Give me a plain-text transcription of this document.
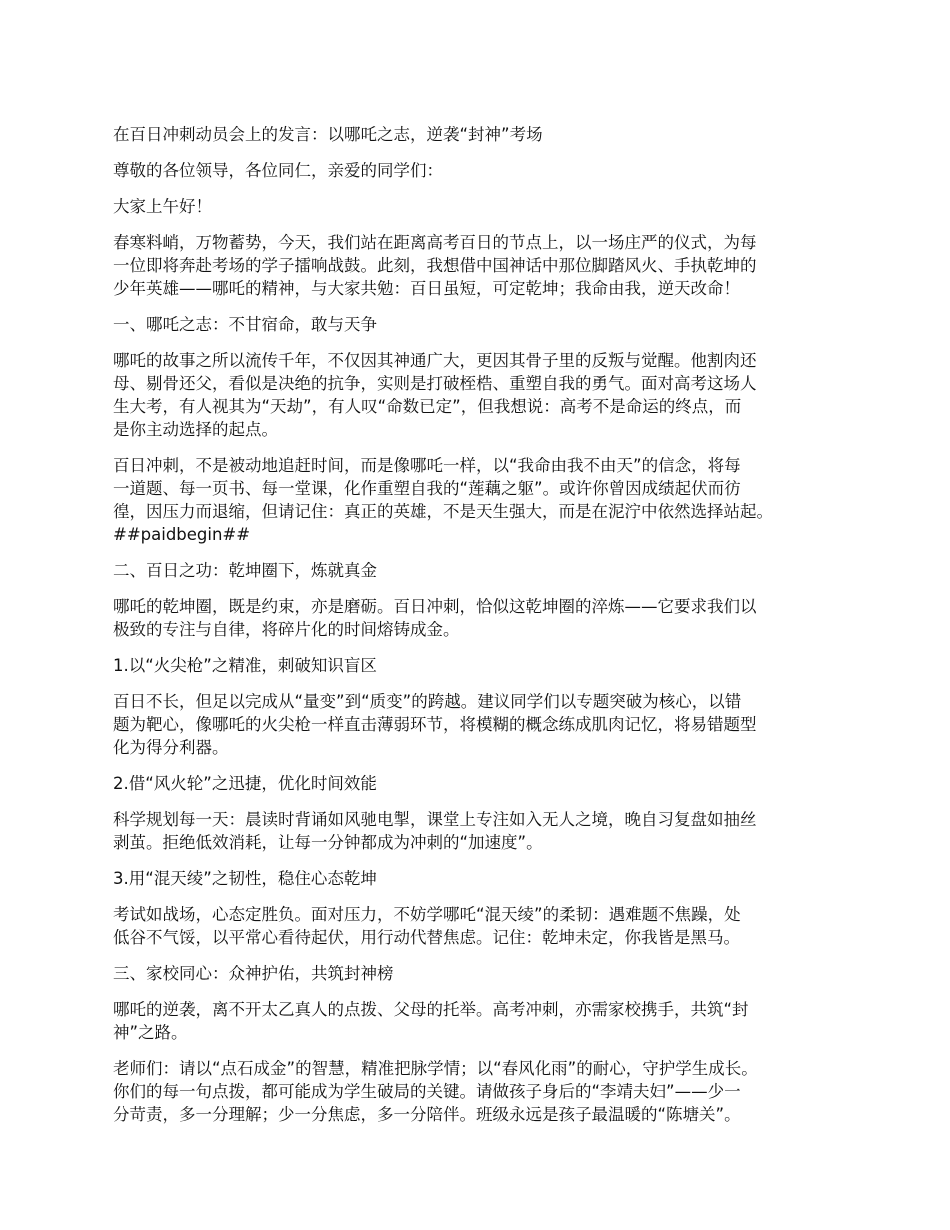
在百日冲刺动员会上的发言：以哪吒之志，逆袭“封神”考场

尊敬的各位领导，各位同仁，亲爱的同学们：

大家上午好！

春寒料峭，万物蓄势，今天，我们站在距离高考百日的节点上，以一场庄严的仪式，为每
一位即将奔赴考场的学子擂响战鼓。此刻，我想借中国神话中那位脚踏风火、手执乾坤的
少年英雄——哪吒的精神，与大家共勉：百日虽短，可定乾坤；我命由我，逆天改命！

一、哪吒之志：不甘宿命，敢与天争

哪吒的故事之所以流传千年，不仅因其神通广大，更因其骨子里的反叛与觉醒。他割肉还
母、剔骨还父，看似是决绝的抗争，实则是打破桎梏、重塑自我的勇气。面对高考这场人
生大考，有人视其为“天劫”，有人叹“命数已定”，但我想说：高考不是命运的终点，而
是你主动选择的起点。

百日冲刺，不是被动地追赶时间，而是像哪吒一样，以“我命由我不由天”的信念，将每
一道题、每一页书、每一堂课，化作重塑自我的“莲藕之躯”。或许你曾因成绩起伏而彷
徨，因压力而退缩，但请记住：真正的英雄，不是天生强大，而是在泥泞中依然选择站起。

##paidbegin##

二、百日之功：乾坤圈下，炼就真金

哪吒的乾坤圈，既是约束，亦是磨砺。百日冲刺，恰似这乾坤圈的淬炼——它要求我们以
极致的专注与自律，将碎片化的时间熔铸成金。

1.以“火尖枪”之精准，刺破知识盲区

百日不长，但足以完成从“量变”到“质变”的跨越。建议同学们以专题突破为核心，以错
题为靶心，像哪吒的火尖枪一样直击薄弱环节，将模糊的概念练成肌肉记忆，将易错题型
化为得分利器。

2.借“风火轮”之迅捷，优化时间效能

科学规划每一天：晨读时背诵如风驰电掣，课堂上专注如入无人之境，晚自习复盘如抽丝
剥茧。拒绝低效消耗，让每一分钟都成为冲刺的“加速度”。

3.用“混天绫”之韧性，稳住心态乾坤

考试如战场，心态定胜负。面对压力，不妨学哪吒“混天绫”的柔韧：遇难题不焦躁，处
低谷不气馁，以平常心看待起伏，用行动代替焦虑。记住：乾坤未定，你我皆是黑马。

三、家校同心：众神护佑，共筑封神榜

哪吒的逆袭，离不开太乙真人的点拨、父母的托举。高考冲刺，亦需家校携手，共筑“封
神”之路。

老师们：请以“点石成金”的智慧，精准把脉学情；以“春风化雨”的耐心，守护学生成长。
你们的每一句点拨，都可能成为学生破局的关键。请做孩子身后的“李靖夫妇”——少一
分苛责，多一分理解；少一分焦虑，多一分陪伴。班级永远是孩子最温暖的“陈塘关”。
